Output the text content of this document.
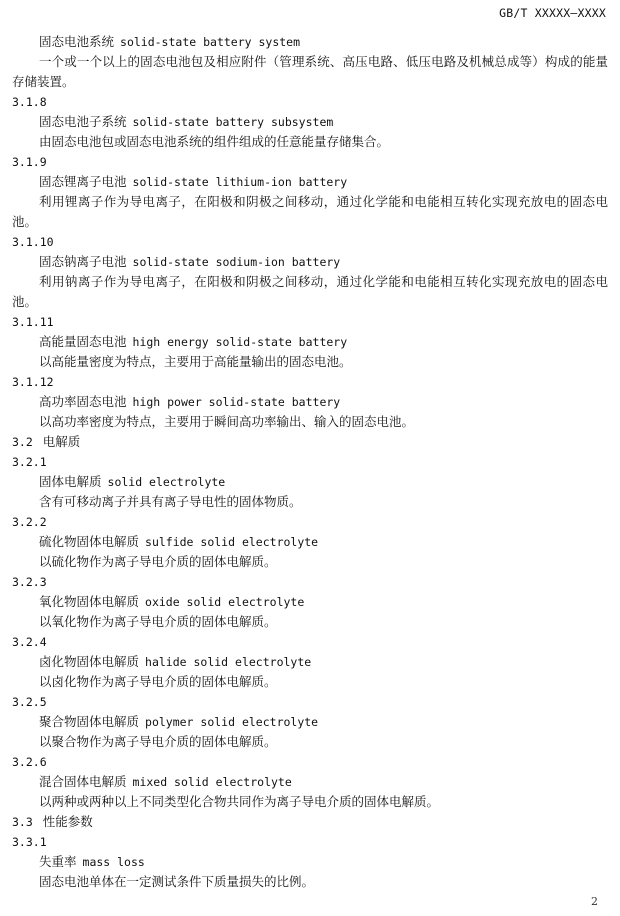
GB/T XXXXX—XXXX
固态电池系统 solid-state battery system
一个或一个以上的固态电池包及相应附件（管理系统、高压电路、低压电路及机械总成等）构成的能量存储装置。
3.1.8
固态电池子系统 solid-state battery subsystem
由固态电池包或固态电池系统的组件组成的任意能量存储集合。
3.1.9
固态锂离子电池 solid-state lithium-ion battery
利用锂离子作为导电离子，在阳极和阴极之间移动，通过化学能和电能相互转化实现充放电的固态电池。
3.1.10
固态钠离子电池 solid-state sodium-ion battery
利用钠离子作为导电离子，在阳极和阴极之间移动，通过化学能和电能相互转化实现充放电的固态电池。
3.1.11
高能量固态电池 high energy solid-state battery
以高能量密度为特点，主要用于高能量输出的固态电池。
3.1.12
高功率固态电池 high power solid-state battery
以高功率密度为特点，主要用于瞬间高功率输出、输入的固态电池。
3.2 电解质
3.2.1
固体电解质 solid electrolyte
含有可移动离子并具有离子导电性的固体物质。
3.2.2
硫化物固体电解质 sulfide solid electrolyte
以硫化物作为离子导电介质的固体电解质。
3.2.3
氧化物固体电解质 oxide solid electrolyte
以氧化物作为离子导电介质的固体电解质。
3.2.4
卤化物固体电解质 halide solid electrolyte
以卤化物作为离子导电介质的固体电解质。
3.2.5
聚合物固体电解质 polymer solid electrolyte
以聚合物作为离子导电介质的固体电解质。
3.2.6
混合固体电解质 mixed solid electrolyte
以两种或两种以上不同类型化合物共同作为离子导电介质的固体电解质。
3.3 性能参数
3.3.1
失重率 mass loss
固态电池单体在一定测试条件下质量损失的比例。
2
